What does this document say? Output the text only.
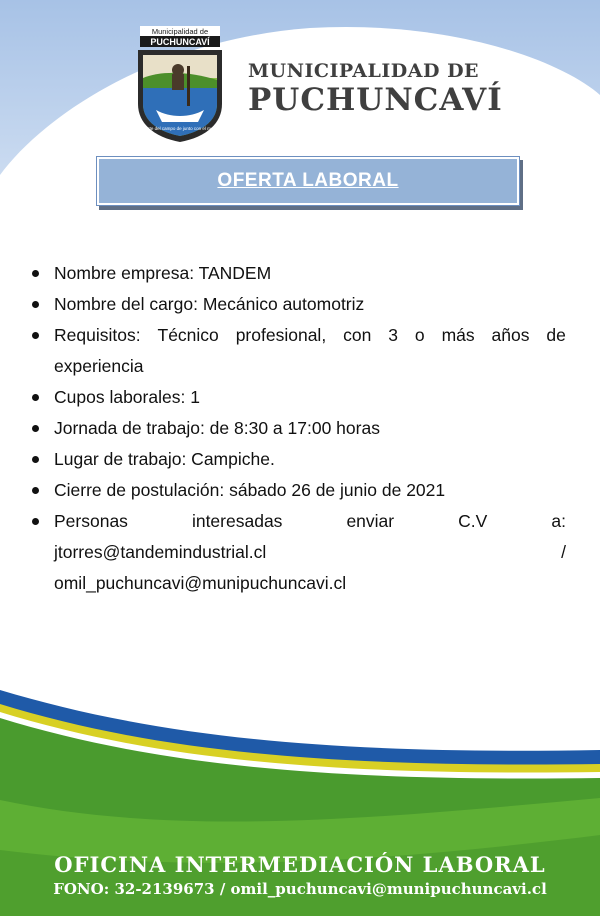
Municipalidad de
PUCHUNCAVÍ
Arte del campo de junto con el mar
MUNICIPALIDAD DE
PUCHUNCAVÍ
OFERTA LABORAL
Nombre empresa: TANDEM
Nombre del cargo: Mecánico automotriz
Requisitos: Técnico profesional, con 3 o más años de
experiencia
Cupos laborales: 1
Jornada de trabajo: de 8:30 a 17:00 horas
Lugar de trabajo: Campiche.
Cierre de postulación: sábado 26 de junio de 2021
Personas	interesadas	enviar	C.V	a:
jtorres@tandemindustrial.cl	/
omil_puchuncavi@munipuchuncavi.cl
OFICINA INTERMEDIACIÓN LABORAL
FONO: 32-2139673 / omil_puchuncavi@munipuchuncavi.cl
